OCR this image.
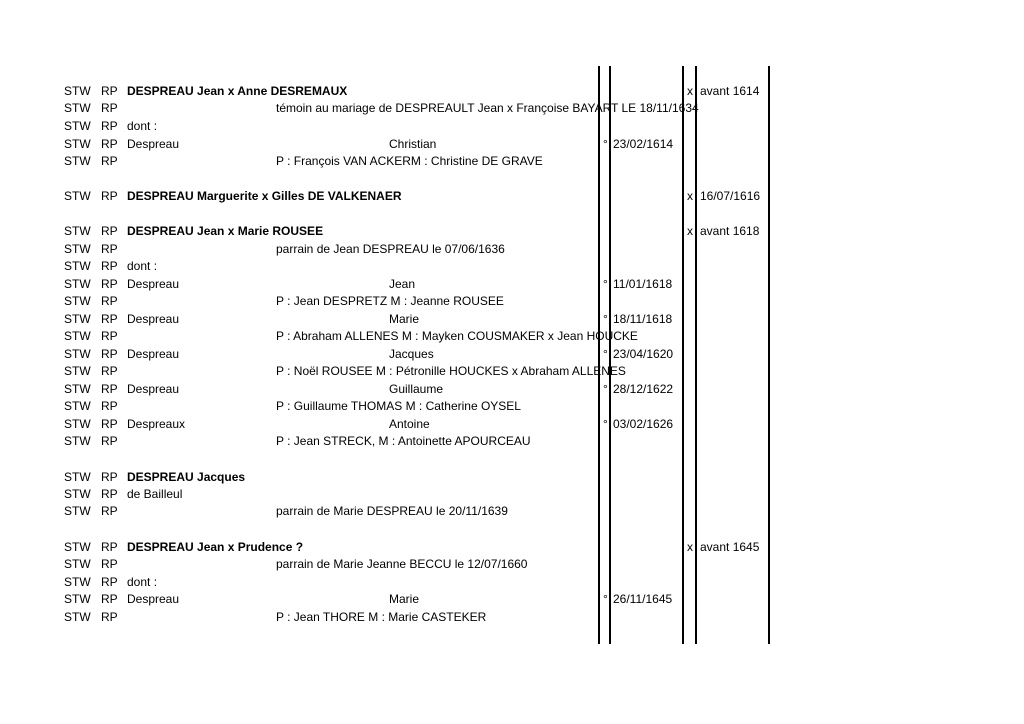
STW RP DESPREAU Jean x Anne DESREMAUX	x avant 1614
STW RP	témoin au mariage de DESPREAULT Jean x Françoise BAYART LE 18/11/1634
STW RP dont :
STW RP Despreau	Christian	° 23/02/1614
STW RP	P : François VAN ACKERM : Christine DE GRAVE
STW RP DESPREAU Marguerite x Gilles DE VALKENAER	x 16/07/1616
STW RP DESPREAU Jean x Marie ROUSEE	x avant 1618
STW RP	parrain de Jean DESPREAU le 07/06/1636
STW RP dont :
STW RP Despreau	Jean	° 11/01/1618
STW RP	P : Jean DESPRETZ M : Jeanne ROUSEE
STW RP Despreau	Marie	° 18/11/1618
STW RP	P : Abraham ALLENES M : Mayken COUSMAKER x Jean HOUCKE
STW RP Despreau	Jacques	° 23/04/1620
STW RP	P : Noël ROUSEE M : Pétronille HOUCKES x Abraham ALLENES
STW RP Despreau	Guillaume	° 28/12/1622
STW RP	P : Guillaume THOMAS M : Catherine OYSEL
STW RP Despreaux	Antoine	° 03/02/1626
STW RP	P : Jean STRECK, M : Antoinette APOURCEAU
STW RP DESPREAU Jacques
STW RP de Bailleul
STW RP	parrain de Marie DESPREAU le 20/11/1639
STW RP DESPREAU Jean x Prudence ?	x avant 1645
STW RP	parrain de Marie Jeanne BECCU le 12/07/1660
STW RP dont :
STW RP Despreau	Marie	° 26/11/1645
STW RP	P : Jean THORE M : Marie CASTEKER
